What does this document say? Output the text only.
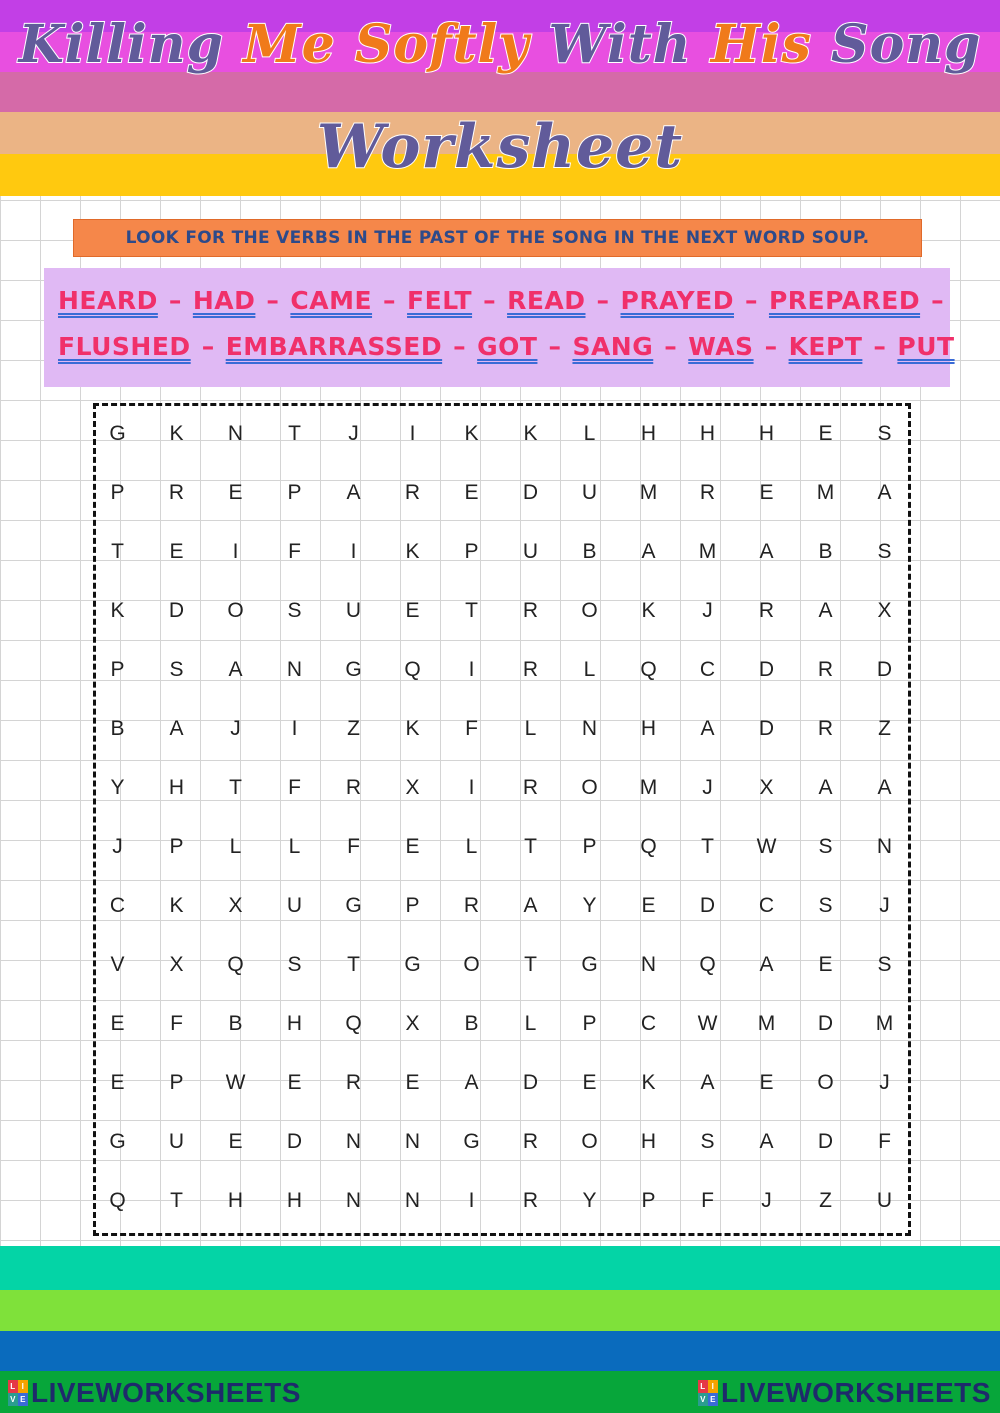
Killing Me Softly With His Song
Worksheet
LOOK FOR THE VERBS IN THE PAST OF THE SONG IN THE NEXT WORD SOUP.
HEARD – HAD – CAME – FELT – READ – PRAYED – PREPARED –
FLUSHED – EMBARRASSED – GOT – SANG – WAS – KEPT – PUT
G	K	N	T	J	I	K	K	L	H	H	H	E	S
P	R	E	P	A	R	E	D	U	M	R	E	M	A
T	E	I	F	I	K	P	U	B	A	M	A	B	S
K	D	O	S	U	E	T	R	O	K	J	R	A	X
P	S	A	N	G	Q	I	R	L	Q	C	D	R	D
B	A	J	I	Z	K	F	L	N	H	A	D	R	Z
Y	H	T	F	R	X	I	R	O	M	J	X	A	A
J	P	L	L	F	E	L	T	P	Q	T	W	S	N
C	K	X	U	G	P	R	A	Y	E	D	C	S	J
V	X	Q	S	T	G	O	T	G	N	Q	A	E	S
E	F	B	H	Q	X	B	L	P	C	W	M	D	M
E	P	W	E	R	E	A	D	E	K	A	E	O	J
G	U	E	D	N	N	G	R	O	H	S	A	D	F
Q	T	H	H	N	N	I	R	Y	P	F	J	Z	U
L I
V E LIVEWORKSHEETS	L I
V E LIVEWORKSHEETS
